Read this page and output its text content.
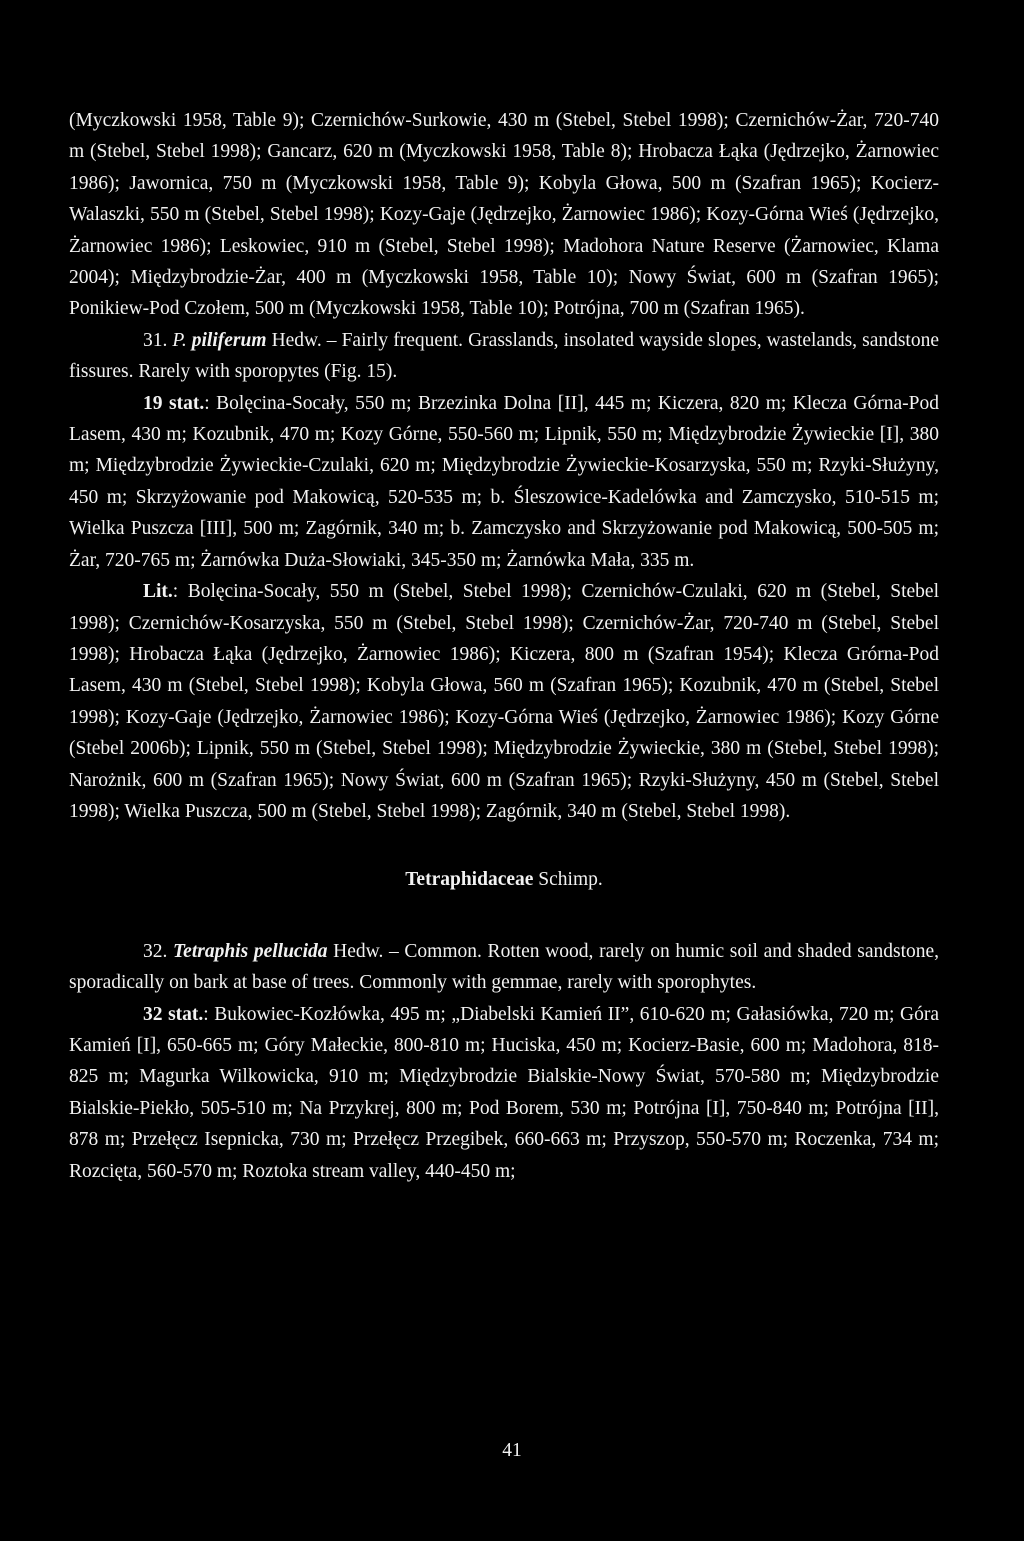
(Myczkowski 1958, Table 9); Czernichów-Surkowie, 430 m (Stebel, Stebel 1998); Czernichów-Żar, 720-740 m (Stebel, Stebel 1998); Gancarz, 620 m (Myczkowski 1958, Table 8); Hrobacza Łąka (Jędrzejko, Żarnowiec 1986); Jawornica, 750 m (Myczkowski 1958, Table 9); Kobyla Głowa, 500 m (Szafran 1965); Kocierz-Walaszki, 550 m (Stebel, Stebel 1998); Kozy-Gaje (Jędrzejko, Żarnowiec 1986); Kozy-Górna Wieś (Jędrzejko, Żarnowiec 1986); Leskowiec, 910 m (Stebel, Stebel 1998); Madohora Nature Reserve (Żarnowiec, Klama 2004); Międzybrodzie-Żar, 400 m (Myczkowski 1958, Table 10); Nowy Świat, 600 m (Szafran 1965); Ponikiew-Pod Czołem, 500 m (Myczkowski 1958, Table 10); Potrójna, 700 m (Szafran 1965).

31. P. piliferum Hedw. – Fairly frequent. Grasslands, insolated wayside slopes, wastelands, sandstone fissures. Rarely with sporopytes (Fig. 15).

19 stat.: Bolęcina-Socały, 550 m; Brzezinka Dolna [II], 445 m; Kiczera, 820 m; Klecza Górna-Pod Lasem, 430 m; Kozubnik, 470 m; Kozy Górne, 550-560 m; Lipnik, 550 m; Międzybrodzie Żywieckie [I], 380 m; Międzybrodzie Żywieckie-Czulaki, 620 m; Międzybrodzie Żywieckie-Kosarzyska, 550 m; Rzyki-Służyny, 450 m; Skrzyżowanie pod Makowicą, 520-535 m; b. Śleszowice-Kadelówka and Zamczysko, 510-515 m; Wielka Puszcza [III], 500 m; Zagórnik, 340 m; b. Zamczysko and Skrzyżowanie pod Makowicą, 500-505 m; Żar, 720-765 m; Żarnówka Duża-Słowiaki, 345-350 m; Żarnówka Mała, 335 m.

Lit.: Bolęcina-Socały, 550 m (Stebel, Stebel 1998); Czernichów-Czulaki, 620 m (Stebel, Stebel 1998); Czernichów-Kosarzyska, 550 m (Stebel, Stebel 1998); Czernichów-Żar, 720-740 m (Stebel, Stebel 1998); Hrobacza Łąka (Jędrzejko, Żarnowiec 1986); Kiczera, 800 m (Szafran 1954); Klecza Grórna-Pod Lasem, 430 m (Stebel, Stebel 1998); Kobyla Głowa, 560 m (Szafran 1965); Kozubnik, 470 m (Stebel, Stebel 1998); Kozy-Gaje (Jędrzejko, Żarnowiec 1986); Kozy-Górna Wieś (Jędrzejko, Żarnowiec 1986); Kozy Górne (Stebel 2006b); Lipnik, 550 m (Stebel, Stebel 1998); Międzybrodzie Żywieckie, 380 m (Stebel, Stebel 1998); Narożnik, 600 m (Szafran 1965); Nowy Świat, 600 m (Szafran 1965); Rzyki-Służyny, 450 m (Stebel, Stebel 1998); Wielka Puszcza, 500 m (Stebel, Stebel 1998); Zagórnik, 340 m (Stebel, Stebel 1998).

Tetraphidaceae Schimp.

32. Tetraphis pellucida Hedw. – Common. Rotten wood, rarely on humic soil and shaded sandstone, sporadically on bark at base of trees. Commonly with gemmae, rarely with sporophytes.

32 stat.: Bukowiec-Kozłówka, 495 m; „Diabelski Kamień II”, 610-620 m; Gałasiówka, 720 m; Góra Kamień [I], 650-665 m; Góry Małeckie, 800-810 m; Huciska, 450 m; Kocierz-Basie, 600 m; Madohora, 818-825 m; Magurka Wilkowicka, 910 m; Międzybrodzie Bialskie-Nowy Świat, 570-580 m; Międzybrodzie Bialskie-Piekło, 505-510 m; Na Przykrej, 800 m; Pod Borem, 530 m; Potrójna [I], 750-840 m; Potrójna [II], 878 m; Przełęcz Isepnicka, 730 m; Przełęcz Przegibek, 660-663 m; Przyszop, 550-570 m; Roczenka, 734 m; Rozcięta, 560-570 m; Roztoka stream valley, 440-450 m;

41
